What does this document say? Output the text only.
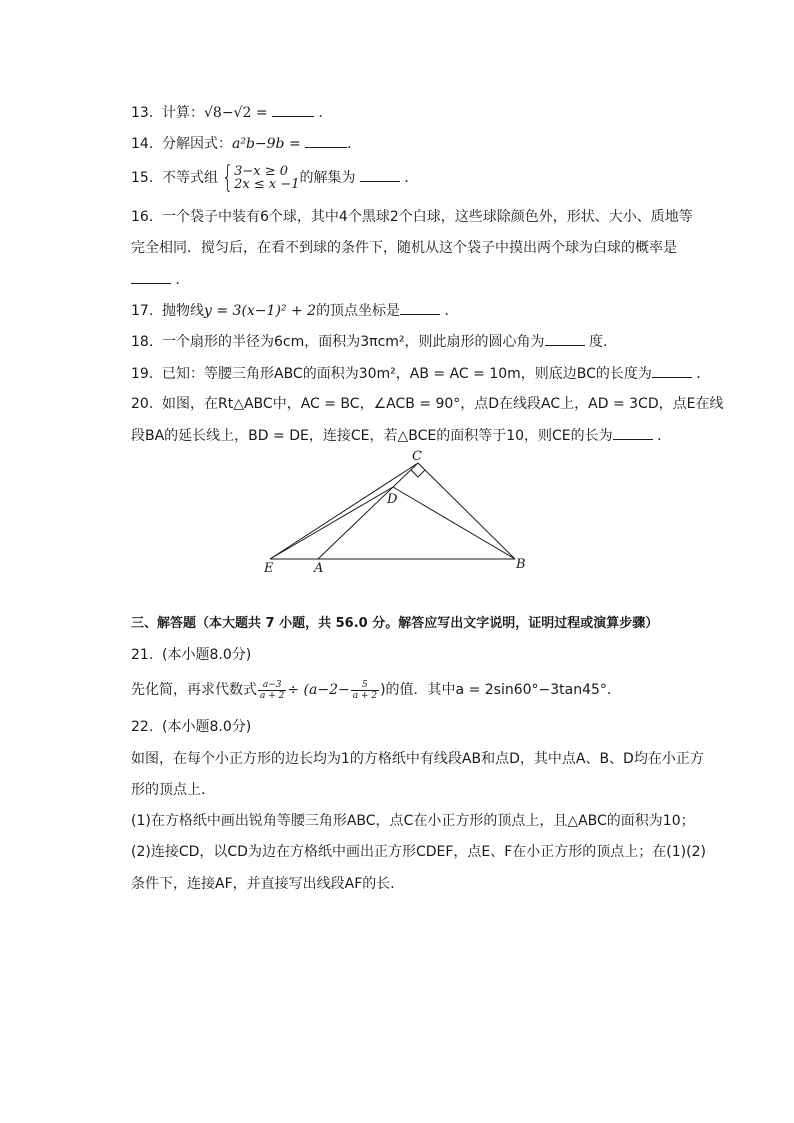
13. 计算：√8−√2 =	．
14. 分解因式：a²b−9b =	．
15. 不等式组 { 3−x ≥ 0
2x ≤ x −1 的解集为	．
16. 一个袋子中装有6个球，其中4个黑球2个白球，这些球除颜色外，形状、大小、质地等
完全相同．搅匀后，在看不到球的条件下，随机从这个袋子中摸出两个球为白球的概率是
．
17. 抛物线y = 3(x−1)² + 2的顶点坐标是	．
18. 一个扇形的半径为6cm，面积为3πcm²，则此扇形的圆心角为	度.
19. 已知：等腰三角形ABC的面积为30m²，AB = AC = 10m，则底边BC的长度为	．
20. 如图，在Rt△ABC中，AC = BC，∠ACB = 90°，点D在线段AC上，AD = 3CD，点E在线
段BA的延长线上，BD = DE，连接CE，若△BCE的面积等于10，则CE的长为	．
C
D
E	A	B
三、解答题（本大题共 7 小题，共 56.0 分。解答应写出文字说明，证明过程或演算步骤）
21. (本小题8.0分)
先化简，再求代数式 $\frac{a-3}{a + 2} \div (a-2- \frac{5}{a + 2}$ )的值．其中a = 2sin60°−3tan45°．
22. (本小题8.0分)
如图，在每个小正方形的边长均为1的方格纸中有线段AB和点D，其中点A、B、D均在小正方
形的顶点上．
(1)在方格纸中画出锐角等腰三角形ABC，点C在小正方形的顶点上，且△ABC的面积为10；
(2)连接CD，以CD为边在方格纸中画出正方形CDEF，点E、F在小正方形的顶点上；在(1)(2)
条件下，连接AF，并直接写出线段AF的长．
